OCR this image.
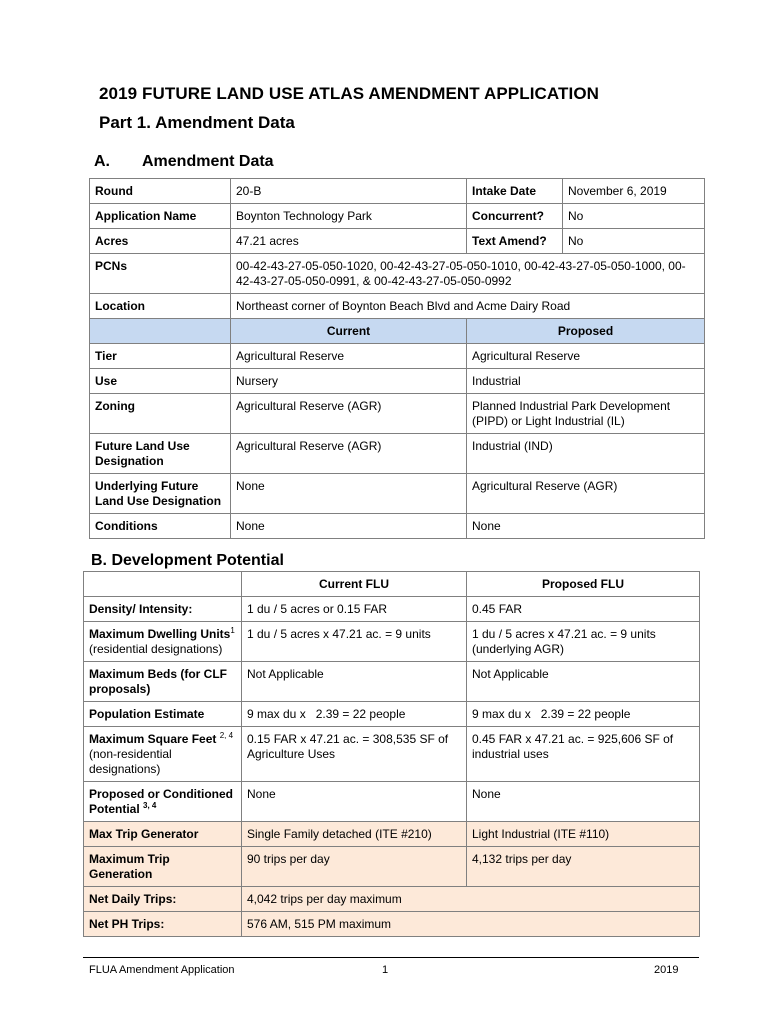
2019 FUTURE LAND USE ATLAS AMENDMENT APPLICATION
Part 1. Amendment Data
A. Amendment Data
Round	20-B	Intake Date	November 6, 2019
Application Name	Boynton Technology Park	Concurrent?	No
Acres	47.21 acres	Text Amend?	No
PCNs	00-42-43-27-05-050-1020, 00-42-43-27-05-050-1010, 00-42-43-27-05-050-1000, 00-42-43-27-05-050-0991, & 00-42-43-27-05-050-0992		
Location	Northeast corner of Boynton Beach Blvd and Acme Dairy Road		
	Current	Proposed	
Tier	Agricultural Reserve	Agricultural Reserve	
Use	Nursery	Industrial	
Zoning	Agricultural Reserve (AGR)	Planned Industrial Park Development (PIPD) or Light Industrial (IL)	
Future Land Use Designation	Agricultural Reserve (AGR)	Industrial (IND)	
Underlying Future Land Use Designation	None	Agricultural Reserve (AGR)	
Conditions	None	None	
B. Development Potential
	Current FLU	Proposed FLU
Density/ Intensity:	1 du / 5 acres or 0.15 FAR	0.45 FAR
Maximum Dwelling Units$^1$ (residential designations)	1 du / 5 acres x 47.21 ac. = 9 units	1 du / 5 acres x 47.21 ac. = 9 units (underlying AGR)
Maximum Beds (for CLF proposals)	Not Applicable	Not Applicable
Population Estimate	9 max du x   2.39 = 22 people	9 max du x   2.39 = 22 people
Maximum Square Feet $^{2, 4}$ (non-residential designations)	0.15 FAR x 47.21 ac. = 308,535 SF of Agriculture Uses	0.45 FAR x 47.21 ac. = 925,606 SF of industrial uses
Proposed or Conditioned Potential $^{3, 4}$	None	None
Max Trip Generator	Single Family detached (ITE #210)	Light Industrial (ITE #110)
Maximum Trip Generation	90 trips per day	4,132 trips per day
Net Daily Trips:	4,042 trips per day maximum	
Net PH Trips:	576 AM, 515 PM maximum	
FLUA Amendment Application	1	2019
